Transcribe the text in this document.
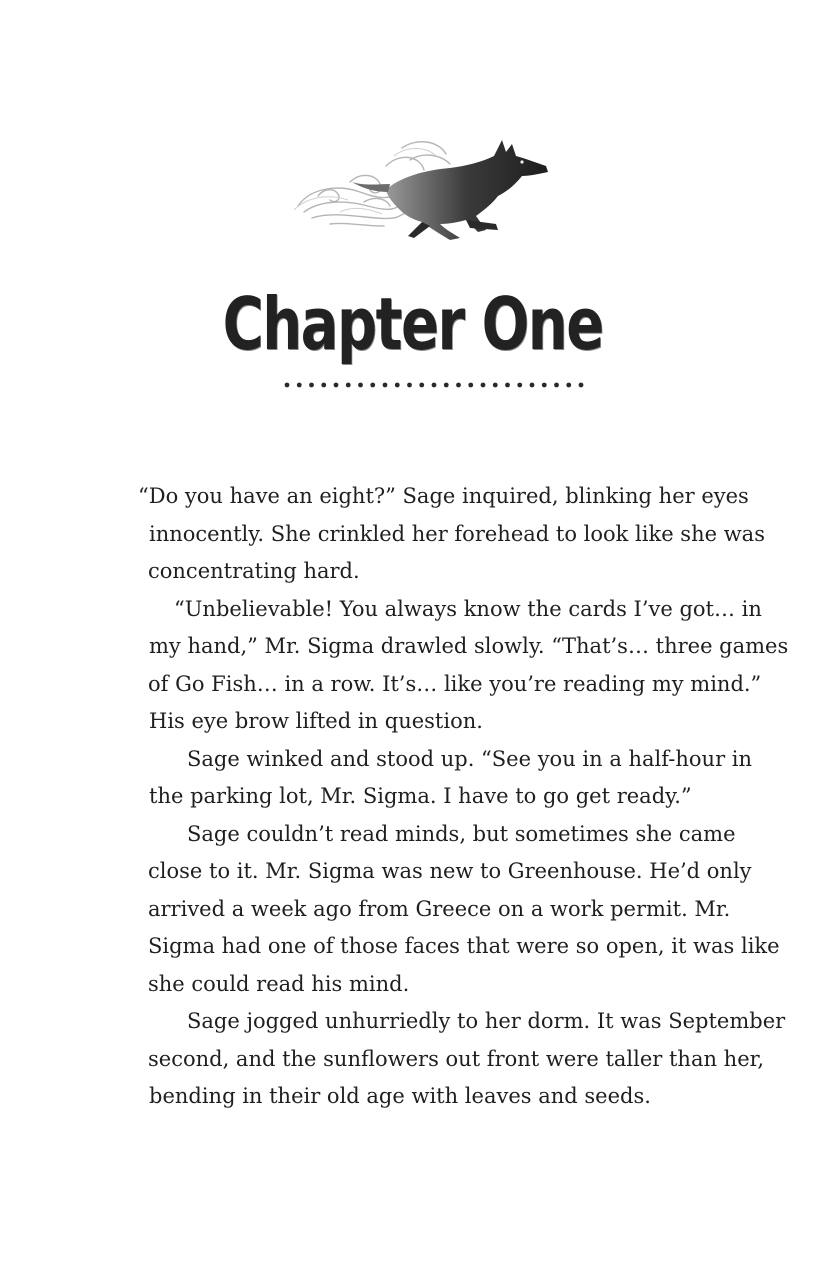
Chapter One
“Do you have an eight?” Sage inquired, blinking her eyes
innocently. She crinkled her forehead to look like she was
concentrating hard.
“Unbelievable! You always know the cards I’ve got… in
my hand,” Mr. Sigma drawled slowly. “That’s… three games
of Go Fish… in a row. It’s… like you’re reading my mind.”
His eye brow lifted in question.
Sage winked and stood up. “See you in a half-hour in
the parking lot, Mr. Sigma. I have to go get ready.”
Sage couldn’t read minds, but sometimes she came
close to it. Mr. Sigma was new to Greenhouse. He’d only
arrived a week ago from Greece on a work permit. Mr.
Sigma had one of those faces that were so open, it was like
she could read his mind.
Sage jogged unhurriedly to her dorm. It was September
second, and the sunflowers out front were taller than her,
bending in their old age with leaves and seeds.
